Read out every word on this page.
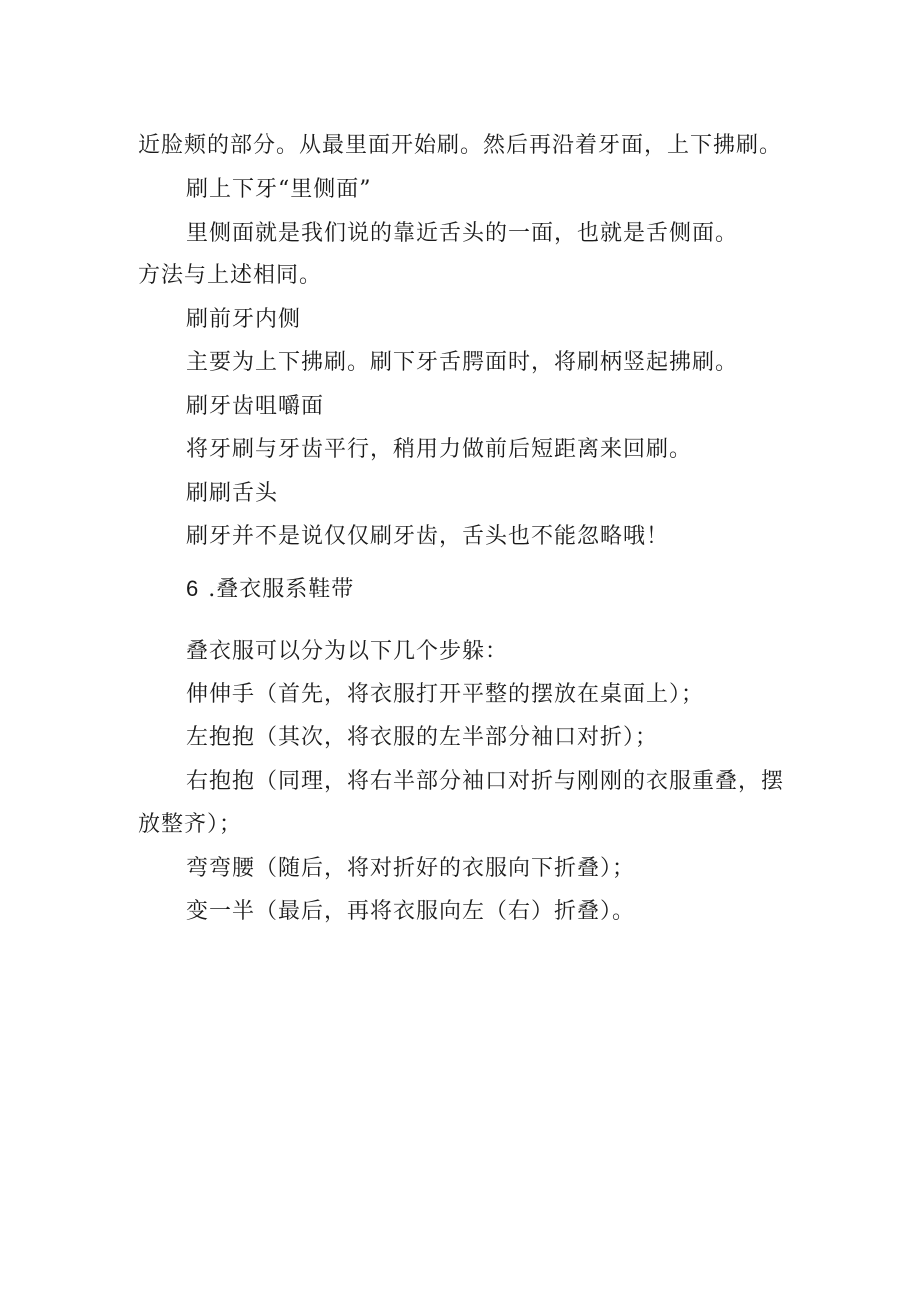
近脸颊的部分。从最里面开始刷。然后再沿着牙面，上下拂刷。
刷上下牙“里侧面”
里侧面就是我们说的靠近舌头的一面，也就是舌侧面。
方法与上述相同。
刷前牙内侧
主要为上下拂刷。刷下牙舌腭面时，将刷柄竖起拂刷。
刷牙齿咀嚼面
将牙刷与牙齿平行，稍用力做前后短距离来回刷。
刷刷舌头
刷牙并不是说仅仅刷牙齿，舌头也不能忽略哦！
6 .叠衣服系鞋带
叠衣服可以分为以下几个步躲：
伸伸手（首先，将衣服打开平整的摆放在桌面上）；
左抱抱（其次，将衣服的左半部分袖口对折）；
右抱抱（同理，将右半部分袖口对折与刚刚的衣服重叠，摆
放整齐）；
弯弯腰（随后，将对折好的衣服向下折叠）；
变一半（最后，再将衣服向左（右）折叠）。
